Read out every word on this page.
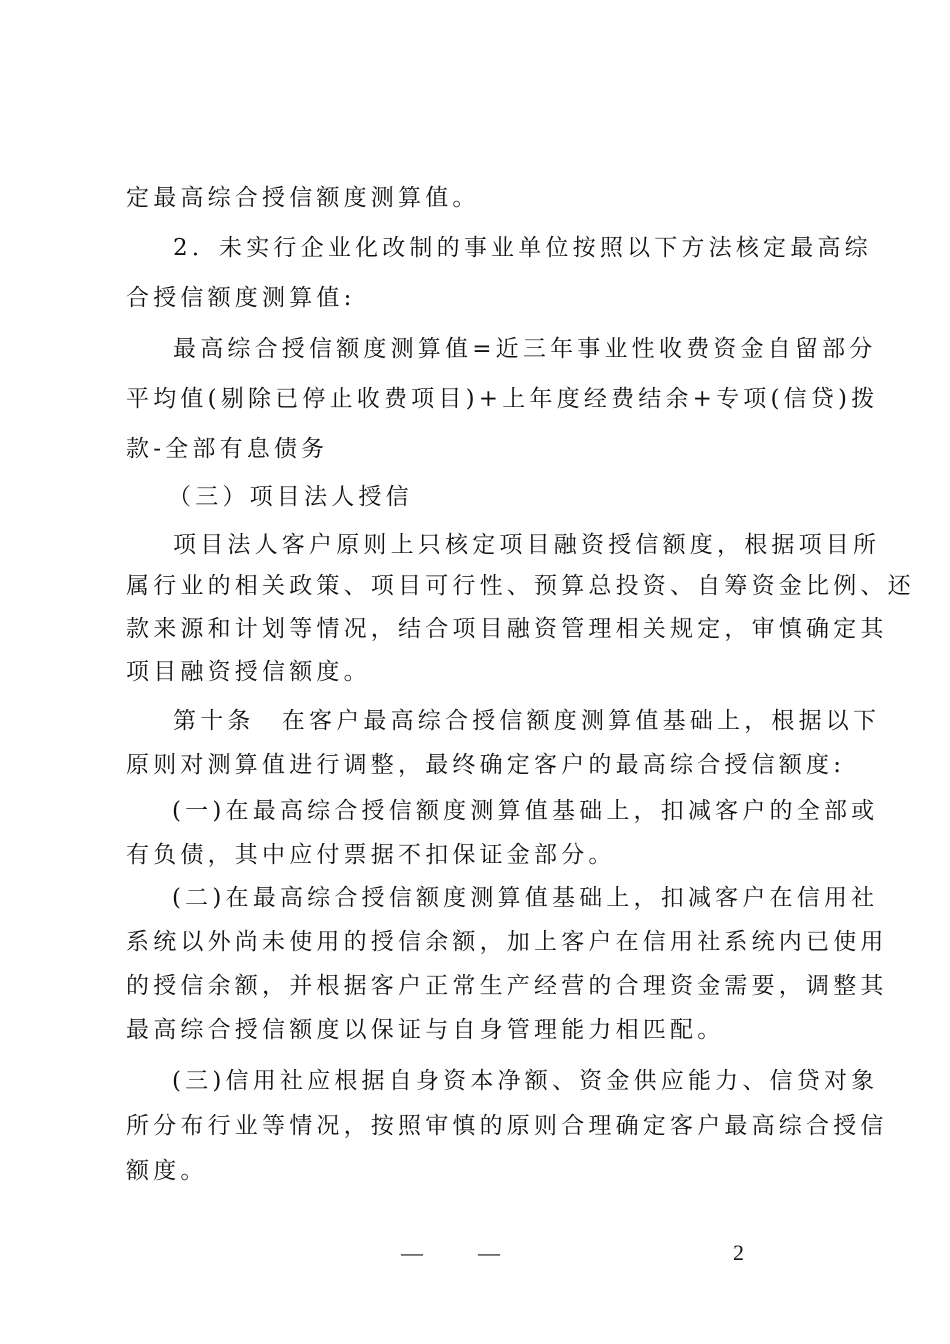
定最高综合授信额度测算值。
2．未实行企业化改制的事业单位按照以下方法核定最高综
合授信额度测算值:
最高综合授信额度测算值=近三年事业性收费资金自留部分
平均值(剔除已停止收费项目)+上年度经费结余+专项(信贷)拨
款-全部有息债务
（三）项目法人授信
项目法人客户原则上只核定项目融资授信额度，根据项目所
属行业的相关政策、项目可行性、预算总投资、自筹资金比例、还
款来源和计划等情况，结合项目融资管理相关规定，审慎确定其
项目融资授信额度。
第十条　在客户最高综合授信额度测算值基础上，根据以下
原则对测算值进行调整，最终确定客户的最高综合授信额度:
(一)在最高综合授信额度测算值基础上，扣减客户的全部或
有负债，其中应付票据不扣保证金部分。
(二)在最高综合授信额度测算值基础上，扣减客户在信用社
系统以外尚未使用的授信余额，加上客户在信用社系统内已使用
的授信余额，并根据客户正常生产经营的合理资金需要，调整其
最高综合授信额度以保证与自身管理能力相匹配。
(三)信用社应根据自身资本净额、资金供应能力、信贷对象
所分布行业等情况，按照审慎的原则合理确定客户最高综合授信
额度。
—	—	2
